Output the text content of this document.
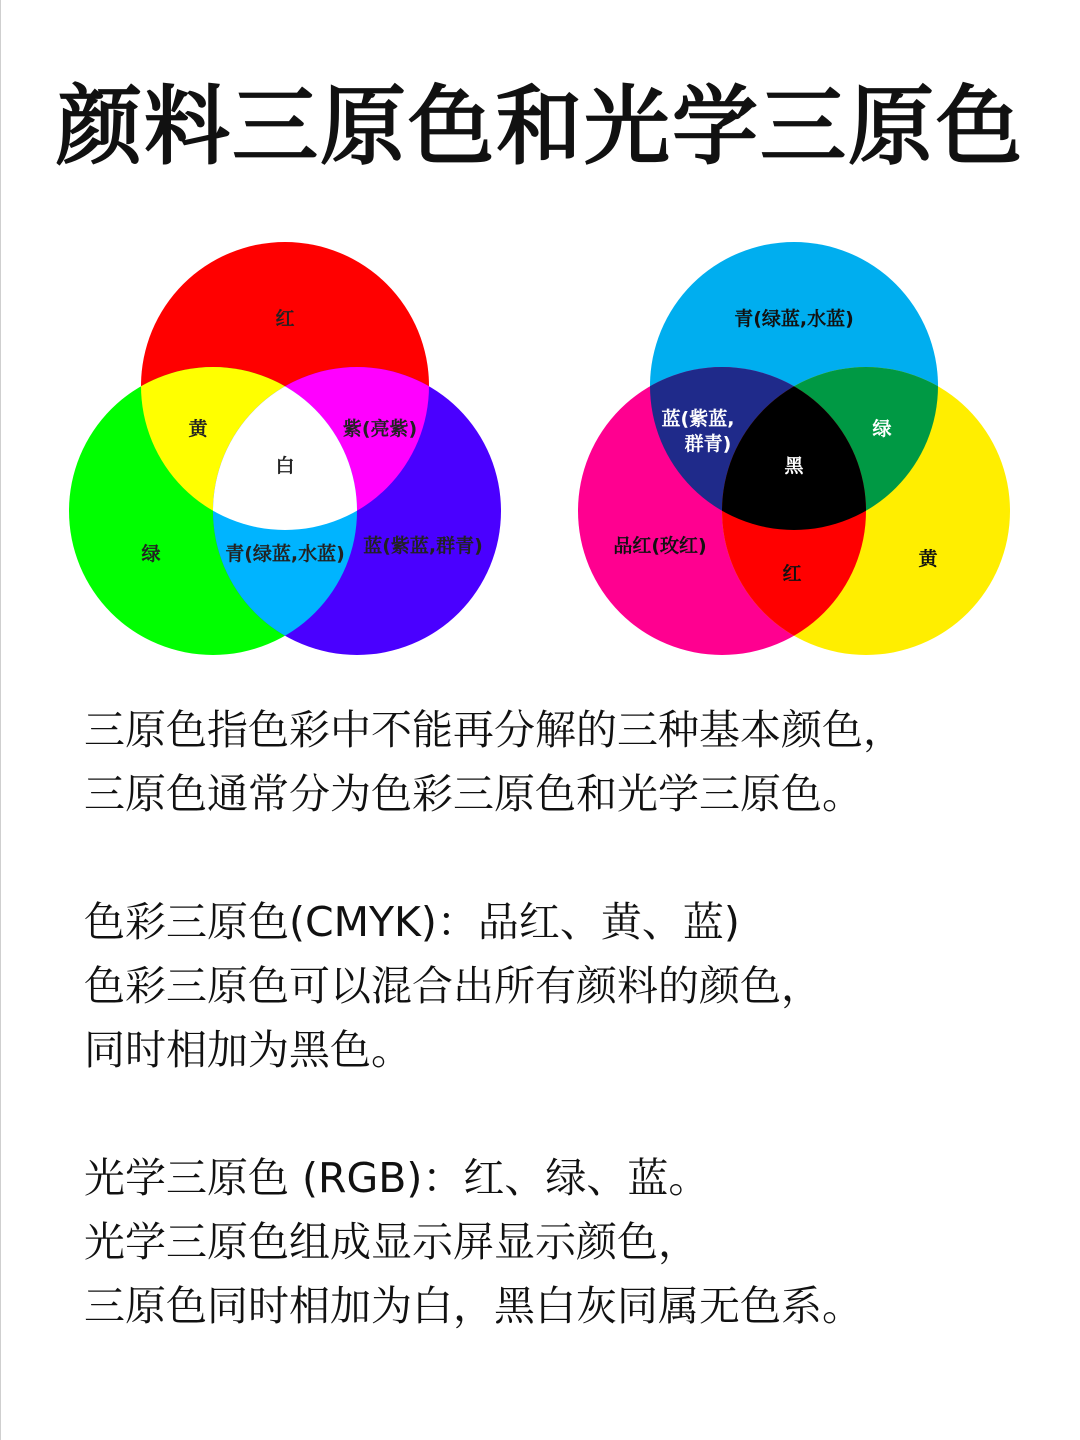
颜料三原色和光学三原色
红
黄	紫(亮紫)
白
绿	青(绿蓝,水蓝) 蓝(紫蓝,群青)
青(绿蓝,水蓝)
蓝(紫蓝,
群青)
绿
黑
品红(玫红)
红
黄

三原色指色彩中不能再分解的三种基本颜色，
三原色通常分为色彩三原色和光学三原色。

色彩三原色(CMYK)：品红、黄、蓝)
色彩三原色可以混合出所有颜料的颜色，
同时相加为黑色。

光学三原色 (RGB)：红、绿、蓝。
光学三原色组成显示屏显示颜色，
三原色同时相加为白，黑白灰同属无色系。
